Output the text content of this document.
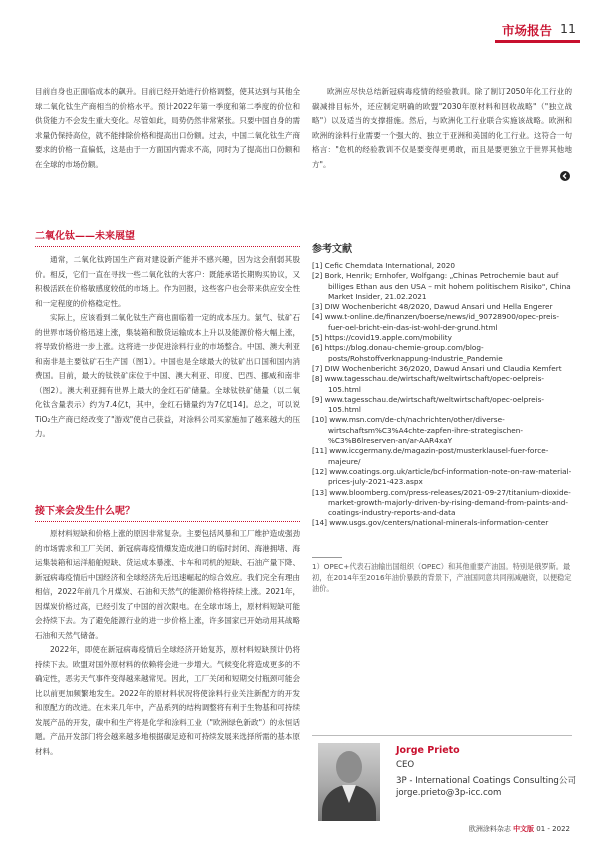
市场报告 11

目前自身也正面临成本的飙升。目前已经开始进行价格调整，使其达到与其他全球二氧化钛生产商相当的价格水平。预计2022年第一季度和第二季度的价位和供货能力不会发生重大变化。尽管如此，局势仍然非常紧张。只要中国自身的需求量仍保持高位，就不能排除价格和提高出口份额。过去，中国二氧化钛生产商要求的价格一直偏低，这是由于一方面国内需求不高，同时为了提高出口份额和在全球的市场份额。

二氧化钛——未来展望

通常，二氧化钛跨国生产商对建设新产能并不感兴趣，因为这会削弱其股价。相反，它们一直在寻找一些二氧化钛的大客户：既能承诺长期购买协议，又积极活跃在价格敏感度较低的市场上。作为回报，这些客户也会带来供应安全性和一定程度的价格稳定性。

实际上，应该看到二氧化钛生产商也面临着一定的成本压力。氯气、钛矿石的世界市场价格迅速上涨，集装箱和散货运输成本上升以及能源价格大幅上涨，将导致价格进一步上涨。这将进一步促进涂料行业的市场整合。中国、澳大利亚和南非是主要钛矿石生产国（图1）。中国也是全球最大的钛矿出口国和国内消费国。目前，最大的钛铁矿床位于中国、澳大利亚、印度、巴西、挪威和南非（图2）。澳大利亚拥有世界上最大的金红石矿储量。全球钛铁矿储量（以二氧化钛含量表示）约为7.4亿t，其中，金红石储量约为7亿t[14]。总之，可以说TiO₂生产商已经改变了"游戏"使自己获益，对涂料公司买家施加了越来越大的压力。

接下来会发生什么呢？

原材料短缺和价格上涨的原因非常复杂。主要包括风暴和工厂维护造成强劲的市场需求和工厂关闭、新冠病毒疫情爆发造成港口的临时封闭、海港拥堵、海运集装箱和运洋船舶短缺、货运成本暴涨、卡车和司机的短缺、石油产量下降、新冠病毒疫情后中国经济和全球经济先后迅速崛起的综合效应。我们完全有理由相信，2022年前几个月煤炭、石油和天然气的能源价格将持续上涨。2021年，因煤炭价格过高，已经引发了中国的首次限电。在全球市场上，原材料短缺可能会持续下去。为了避免能源行业的进一步价格上涨，许多国家已开始动用其战略石油和天然气储备。

2022年，即使在新冠病毒疫情后全球经济开始复苏，原材料短缺预计仍将持续下去。欧盟对国外原材料的依赖将会进一步增大。气候变化将造成更多的不确定性，恶劣天气事件变得越来越常见。因此，工厂关闭和短期交付瓶颈可能会比以前更加频繁地发生。2022年的原材料状况将使涂料行业关注新配方的开发和原配方的改进。在未来几年中，产品系列的结构调整将有利于生物基和可持续发展产品的开发，碳中和生产将是化学和涂料工业（"欧洲绿色新政"）的永恒话题。产品开发部门将会越来越多地根据碳足迹和可持续发展来选择所需的基本原材料。

欧洲应尽快总结新冠病毒疫情的经验教训。除了制订2050年化工行业的碳减排目标外，还应制定明确的欧盟"2030年原材料和回收战略"（"独立战略"）以及适当的支撑措施。然后，与欧洲化工行业联合实施该战略。欧洲和欧洲的涂料行业需要一个强大的、独立于亚洲和美国的化工行业。这符合一句格言："危机的经验教训不仅是要变得更勇敢，而且是要更独立于世界其他地方"。

参考文献

[1] Cefic Chemdata International, 2020
[2] Bork, Henrik; Ernhofer, Wolfgang: „Chinas Petrochemie baut auf billiges Ethan aus den USA – mit hohem politischem Risiko", China Market Insider, 21.02.2021
[3] DIW Wochenbericht 48/2020, Dawud Ansari und Hella Engerer
[4] www.t-online.de/finanzen/boerse/news/id_90728900/opec-preis-fuer-oel-bricht-ein-das-ist-wohl-der-grund.html
[5] https://covid19.apple.com/mobility
[6] https://blog.donau-chemie-group.com/blog-posts/Rohstoffverknappung-Industrie_Pandemie
[7] DIW Wochenbericht 36/2020, Dawud Ansari und Claudia Kemfert
[8] www.tagesschau.de/wirtschaft/weltwirtschaft/opec-oelpreis-105.html
[9] www.tagesschau.de/wirtschaft/weltwirtschaft/opec-oelpreis-105.html
[10] www.msn.com/de-ch/nachrichten/other/diverse-wirtschaftsm%C3%A4chte-zapfen-ihre-strategischen-%C3%B6lreserven-an/ar-AAR4xaY
[11] www.iccgermany.de/magazin-post/musterklausel-fuer-force-majeure/
[12] www.coatings.org.uk/article/bcf-information-note-on-raw-material-prices-july-2021-423.aspx
[13] www.bloomberg.com/press-releases/2021-09-27/titanium-dioxide-market-growth-majorly-driven-by-rising-demand-from-paints-and-coatings-industry-reports-and-data
[14] www.usgs.gov/centers/national-minerals-information-center

1）OPEC+代表石油输出国组织（OPEC）和其他重要产油国。特别是俄罗斯。最初，在2014年至2016年油价暴跌的背景下，产油国同意共同削减融资，以便稳定油价。

Jorge Prieto
CEO
3P - International Coatings Consulting公司
jorge.prieto@3p-icc.com
欧洲涂料杂志 中文版 01 - 2022
